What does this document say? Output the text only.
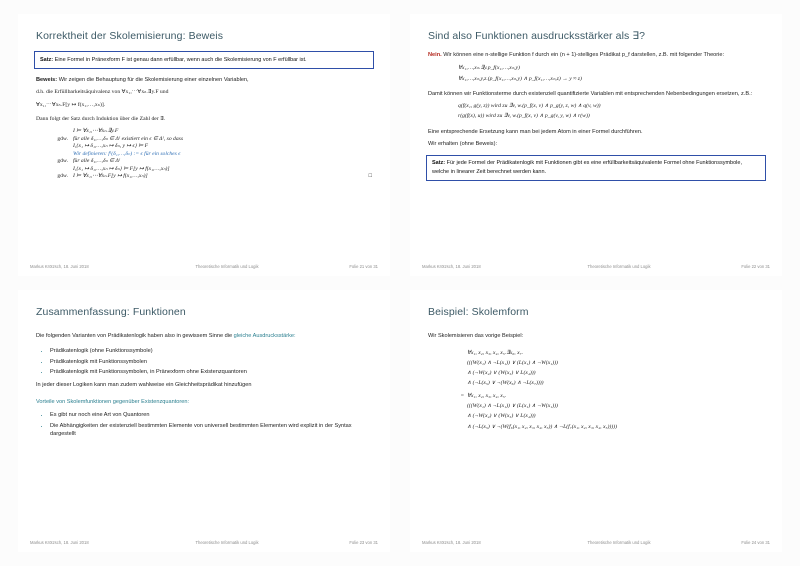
Korrektheit der Skolemisierung: Beweis
Satz: Eine Formel in Pränexform F ist genau dann erfüllbar, wenn auch die Skolemisierung von F erfüllbar ist.

Beweis: Wir zeigen die Behauptung für die Skolemisierung einer einzelnen Variablen,

d.h. die Erfüllbarkeitsäquivalenz von ∀x₁,⋯∀xₙ.∃y.F und

∀x₁,⋯∀xₙ.F[y ↦ f(x₁,…,xₙ)].

Dann folgt der Satz durch Induktion über die Zahl der ∃.

I ⊨ ∀x₁,⋯∀xₙ.∃y.F
gdw. für alle δ₁,…,δₙ ∈ Δᴵ existiert ein ϵ ∈ Δᴵ, so dass
I,{x₁ ↦ δ₁,…,xₙ ↦ δₙ, y ↦ ϵ} ⊨ F
Wir definieren: fᴵ(δ₁,…,δₙ) := ϵ für ein solches ϵ
gdw. für alle δ₁,…,δₙ ∈ Δᴵ
I,{x₁ ↦ δ₁,…,xₙ ↦ δₙ} ⊨ F[y ↦ f(x₁,…,xₙ)]
gdw. I ⊨ ∀x₁,⋯∀xₙ.F[y ↦ f(x₁,…,xₙ)]	□
Markus Krötzsch, 18. Juni 2018	Theoretische Informatik und Logik	Folie 21 von 31
Sind also Funktionen ausdrucksstärker als ∃?

Nein. Wir können eine n-stellige Funktion f durch ein (n + 1)-stelliges Prädikat p_f darstellen, z.B. mit folgender Theorie:

∀x₁,…,xₙ.∃y.p_f(x₁,…,xₙ,y)
∀x₁,…,xₙ,y,z.(p_f(x₁,…,xₙ,y) ∧ p_f(x₁,…,xₙ,z) → y ≈ z)

Damit können wir Funktionsterme durch existenziell quantifizierte Variablen mit entsprechenden Nebenbedingungen ersetzen, z.B.:

q(f(x₁, g(y, z)) wird zu ∃v, w.(p_f(x, v) ∧ p_g(y, z, w) ∧ q(v, w))
r(g(f(x), u)) wird zu ∃v, w.(p_f(x, v) ∧ p_g(v, y, w) ∧ r(w))

Eine entsprechende Ersetzung kann man bei jedem Atom in einer Formel durchführen.

Wir erhalten (ohne Beweis):

Satz: Für jede Formel der Prädikatenlogik mit Funktionen gibt es eine erfüllbarkeitsäquivalente Formel ohne Funktionssymbole, welche in linearer Zeit berechnet werden kann.
Markus Krötzsch, 18. Juni 2018	Theoretische Informatik und Logik	Folie 22 von 31
Zusammenfassung: Funktionen

Die folgenden Varianten von Prädikatenlogik haben also in gewissem Sinne die gleiche Ausdrucksstärke:

• Prädikatenlogik (ohne Funktionssymbole)
• Prädikatenlogik mit Funktionssymbolen
• Prädikatenlogik mit Funktionssymbolen, in Pränexform ohne Existenzquantoren

In jeder dieser Logiken kann man zudem wahlweise ein Gleichheitsprädikat hinzufügen

Vorteile von Skolemfunktionen gegenüber Existenzquantoren:

• Es gibt nur noch eine Art von Quantoren
• Die Abhängigkeiten der existenziell bestimmten Elemente von universell bestimmten Elementen wird explizit in der Syntax dargestellt
Markus Krötzsch, 18. Juni 2018	Theoretische Informatik und Logik	Folie 23 von 31
Beispiel: Skolemform

Wir Skolemisieren das vorige Beispiel:

∀x₁, x₂, x₃, x₄, x₅.∃x₆, x₇.
(((W(x₁) ∧ ¬L(x₁)) ∨ (L(x₁) ∧ ¬W(x₁)))
∧ (¬W(x₂) ∨ (W(x₃) ∨ L(x₄)))
∧ (¬L(x₅) ∨ ¬(W(x₆) ∧ ¬L(x₇))))
= ∀x₁, x₂, x₃, x₄, x₅.
(((W(x₁) ∧ ¬L(x₁)) ∨ (L(x₁) ∧ ¬W(x₁)))
∧ (¬W(x₂) ∨ (W(x₃) ∨ L(x₄)))
∧ (¬L(x₅) ∨ ¬(W(f₆(x₁, x₂, x₃, x₄, x₅)) ∧ ¬L(f₇(x₁, x₂, x₃, x₄, x₅)))))
Markus Krötzsch, 18. Juni 2018	Theoretische Informatik und Logik	Folie 24 von 31
